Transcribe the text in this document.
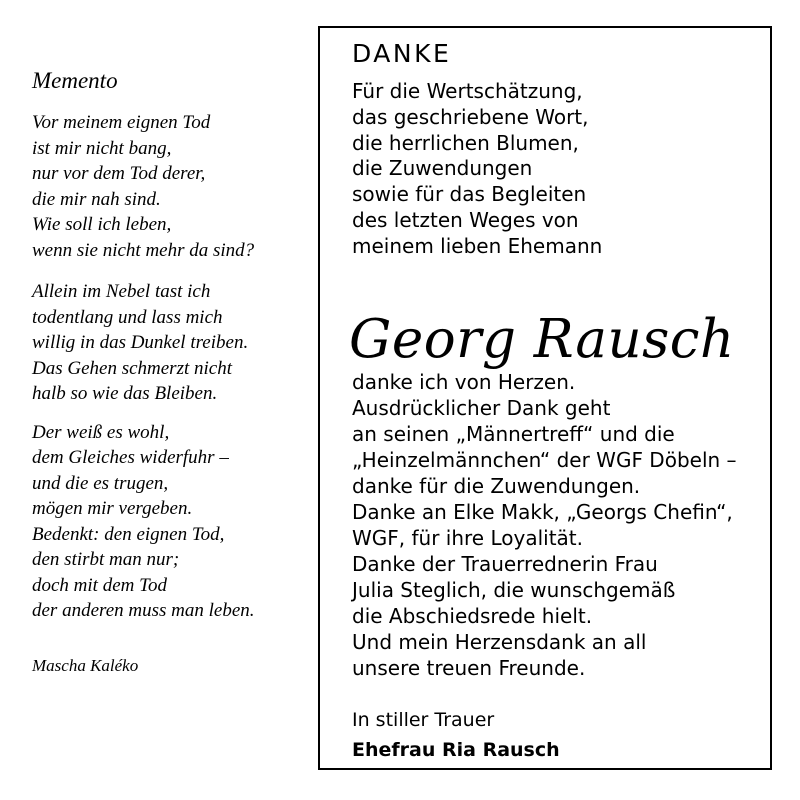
Memento
Vor meinem eignen Tod
ist mir nicht bang,
nur vor dem Tod derer,
die mir nah sind.
Wie soll ich leben,
wenn sie nicht mehr da sind?
Allein im Nebel tast ich
todentlang und lass mich
willig in das Dunkel treiben.
Das Gehen schmerzt nicht
halb so wie das Bleiben.
Der weiß es wohl,
dem Gleiches widerfuhr –
und die es trugen,
mögen mir vergeben.
Bedenkt: den eignen Tod,
den stirbt man nur;
doch mit dem Tod
der anderen muss man leben.
Mascha Kaléko
DANKE
Für die Wertschätzung,
das geschriebene Wort,
die herrlichen Blumen,
die Zuwendungen
sowie für das Begleiten
des letzten Weges von
meinem lieben Ehemann
Georg Rausch
danke ich von Herzen.
Ausdrücklicher Dank geht
an seinen „Männertreff“ und die
„Heinzelmännchen“ der WGF Döbeln –
danke für die Zuwendungen.
Danke an Elke Makk, „Georgs Chefin“,
WGF, für ihre Loyalität.
Danke der Trauerrednerin Frau
Julia Steglich, die wunschgemäß
die Abschiedsrede hielt.
Und mein Herzensdank an all
unsere treuen Freunde.
In stiller Trauer
Ehefrau Ria Rausch
